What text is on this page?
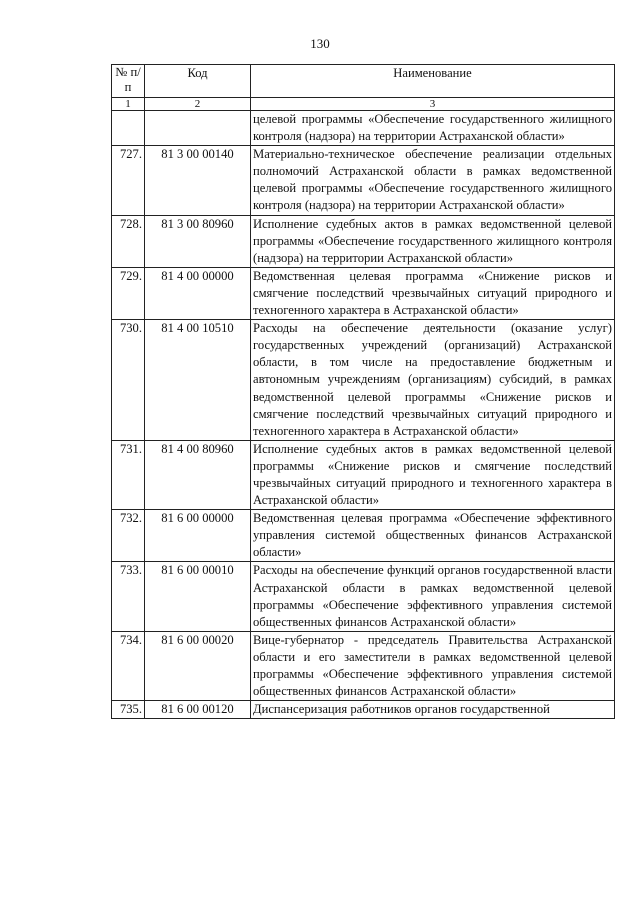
130
№ п/п	Код	Наименование
1	2	3
		целевой программы «Обеспечение государственного жилищного контроля (надзора) на территории Астраханской области»
727.	81 3 00 00140	Материально-техническое обеспечение реализации отдельных полномочий Астраханской области в рамках ведомственной целевой программы «Обеспечение государственного жилищного контроля (надзора) на территории Астраханской области»
728.	81 3 00 80960	Исполнение судебных актов в рамках ведомственной целевой программы «Обеспечение государственного жилищного контроля (надзора) на территории Астраханской области»
729.	81 4 00 00000	Ведомственная целевая программа «Снижение рисков и смягчение последствий чрезвычайных ситуаций природного и техногенного характера в Астраханской области»
730.	81 4 00 10510	Расходы на обеспечение деятельности (оказание услуг) государственных учреждений (организаций) Астраханской области, в том числе на предоставление бюджетным и автономным учреждениям (организациям) субсидий, в рамках ведомственной целевой программы «Снижение рисков и смягчение последствий чрезвычайных ситуаций природного и техногенного характера в Астраханской области»
731.	81 4 00 80960	Исполнение судебных актов в рамках ведомственной целевой программы «Снижение рисков и смягчение последствий чрезвычайных ситуаций природного и техногенного характера в Астраханской области»
732.	81 6 00 00000	Ведомственная целевая программа «Обеспечение эффективного управления системой общественных финансов Астраханской области»
733.	81 6 00 00010	Расходы на обеспечение функций органов государственной власти Астраханской области в рамках ведомственной целевой программы «Обеспечение эффективного управления системой общественных финансов Астраханской области»
734.	81 6 00 00020	Вице-губернатор - председатель Правительства Астраханской области и его заместители в рамках ведомственной целевой программы «Обеспечение эффективного управления системой общественных финансов Астраханской области»
735.	81 6 00 00120	Диспансеризация работников органов государственной
